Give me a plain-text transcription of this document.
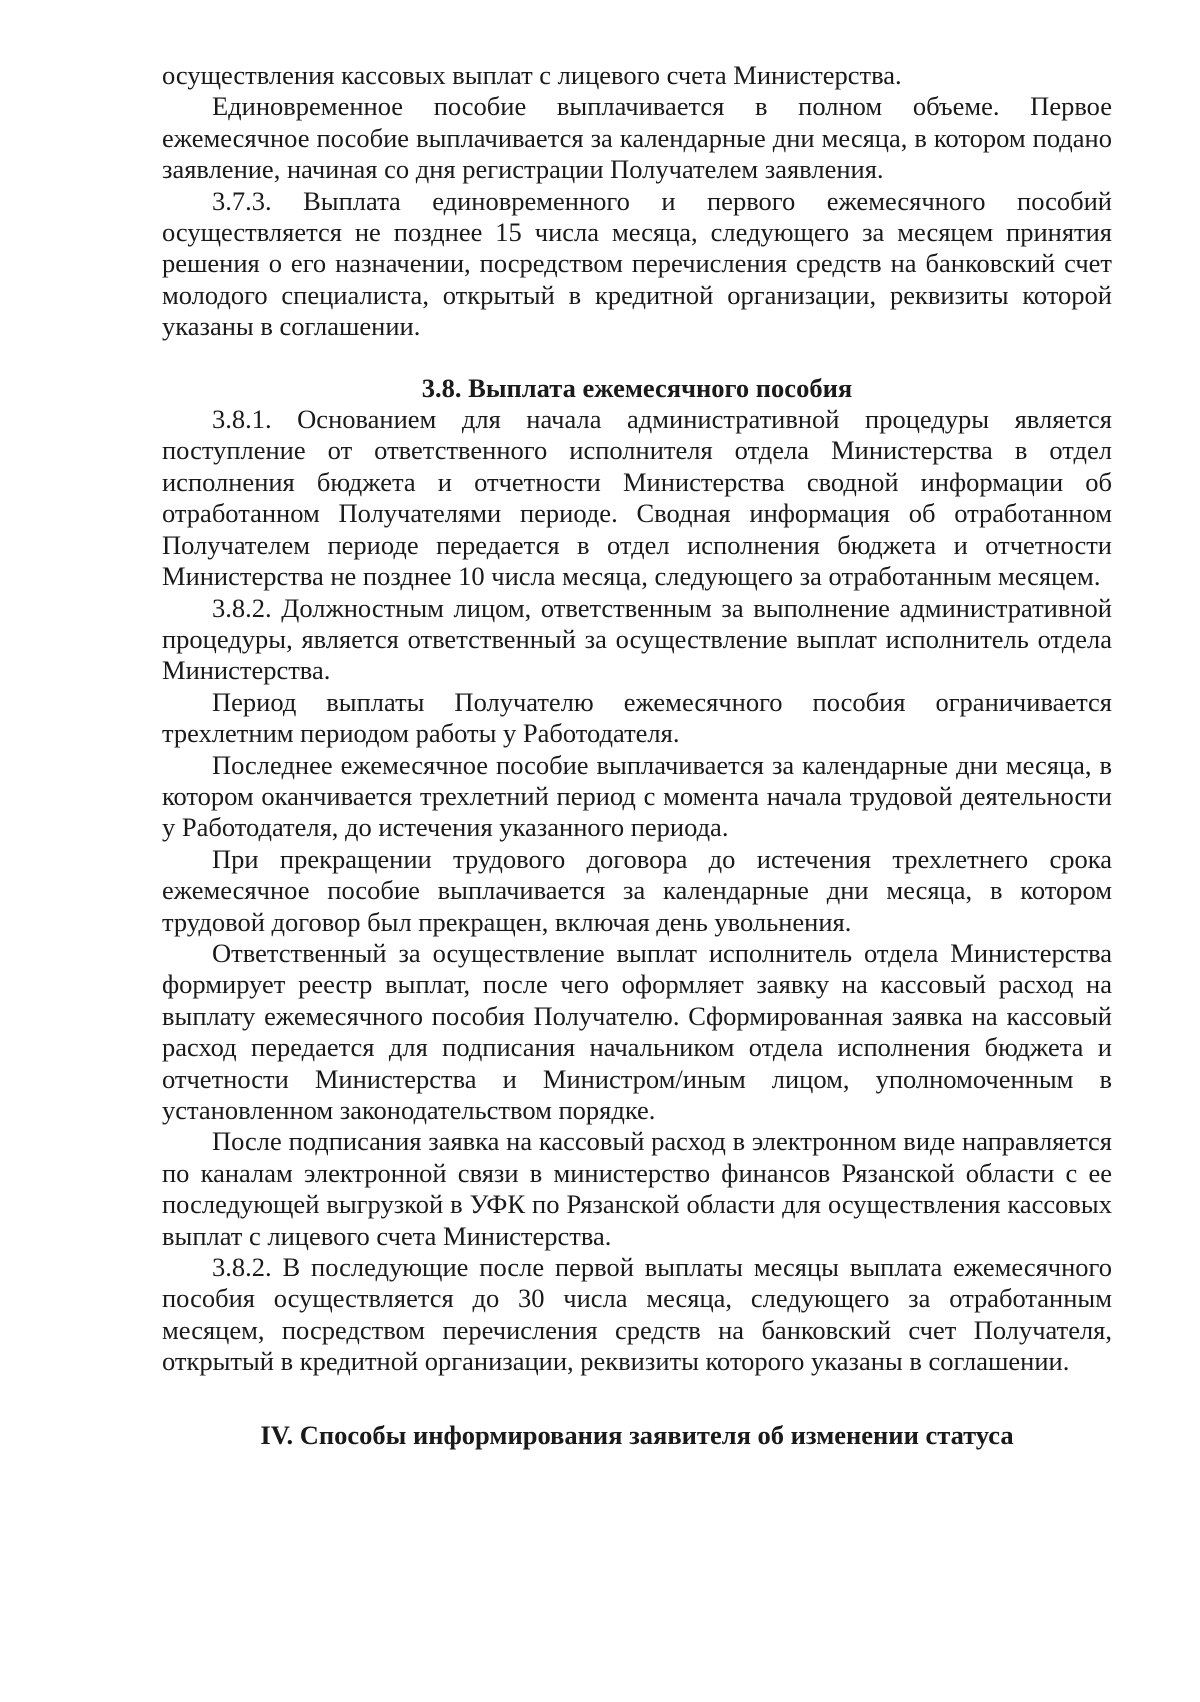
осуществления кассовых выплат с лицевого счета Министерства.

Единовременное пособие выплачивается в полном объеме. Первое ежемесячное пособие выплачивается за календарные дни месяца, в котором подано заявление, начиная со дня регистрации Получателем заявления.

3.7.3. Выплата единовременного и первого ежемесячного пособий осуществляется не позднее 15 числа месяца, следующего за месяцем принятия решения о его назначении, посредством перечисления средств на банковский счет молодого специалиста, открытый в кредитной организации, реквизиты которой указаны в соглашении.

3.8. Выплата ежемесячного пособия

3.8.1. Основанием для начала административной процедуры является поступление от ответственного исполнителя отдела Министерства в отдел исполнения бюджета и отчетности Министерства сводной информации об отработанном Получателями периоде. Сводная информация об отработанном Получателем периоде передается в отдел исполнения бюджета и отчетности Министерства не позднее 10 числа месяца, следующего за отработанным месяцем.

3.8.2. Должностным лицом, ответственным за выполнение административной процедуры, является ответственный за осуществление выплат исполнитель отдела Министерства.

Период выплаты Получателю ежемесячного пособия ограничивается трехлетним периодом работы у Работодателя.

Последнее ежемесячное пособие выплачивается за календарные дни месяца, в котором оканчивается трехлетний период с момента начала трудовой деятельности у Работодателя, до истечения указанного периода.

При прекращении трудового договора до истечения трехлетнего срока ежемесячное пособие выплачивается за календарные дни месяца, в котором трудовой договор был прекращен, включая день увольнения.

Ответственный за осуществление выплат исполнитель отдела Министерства формирует реестр выплат, после чего оформляет заявку на кассовый расход на выплату ежемесячного пособия Получателю. Сформированная заявка на кассовый расход передается для подписания начальником отдела исполнения бюджета и отчетности Министерства и Министром/иным лицом, уполномоченным в установленном законодательством порядке.

После подписания заявка на кассовый расход в электронном виде направляется по каналам электронной связи в министерство финансов Рязанской области с ее последующей выгрузкой в УФК по Рязанской области для осуществления кассовых выплат с лицевого счета Министерства.

3.8.2. В последующие после первой выплаты месяцы выплата ежемесячного пособия осуществляется до 30 числа месяца, следующего за отработанным месяцем, посредством перечисления средств на банковский счет Получателя, открытый в кредитной организации, реквизиты которого указаны в соглашении.

IV. Способы информирования заявителя об изменении статуса
